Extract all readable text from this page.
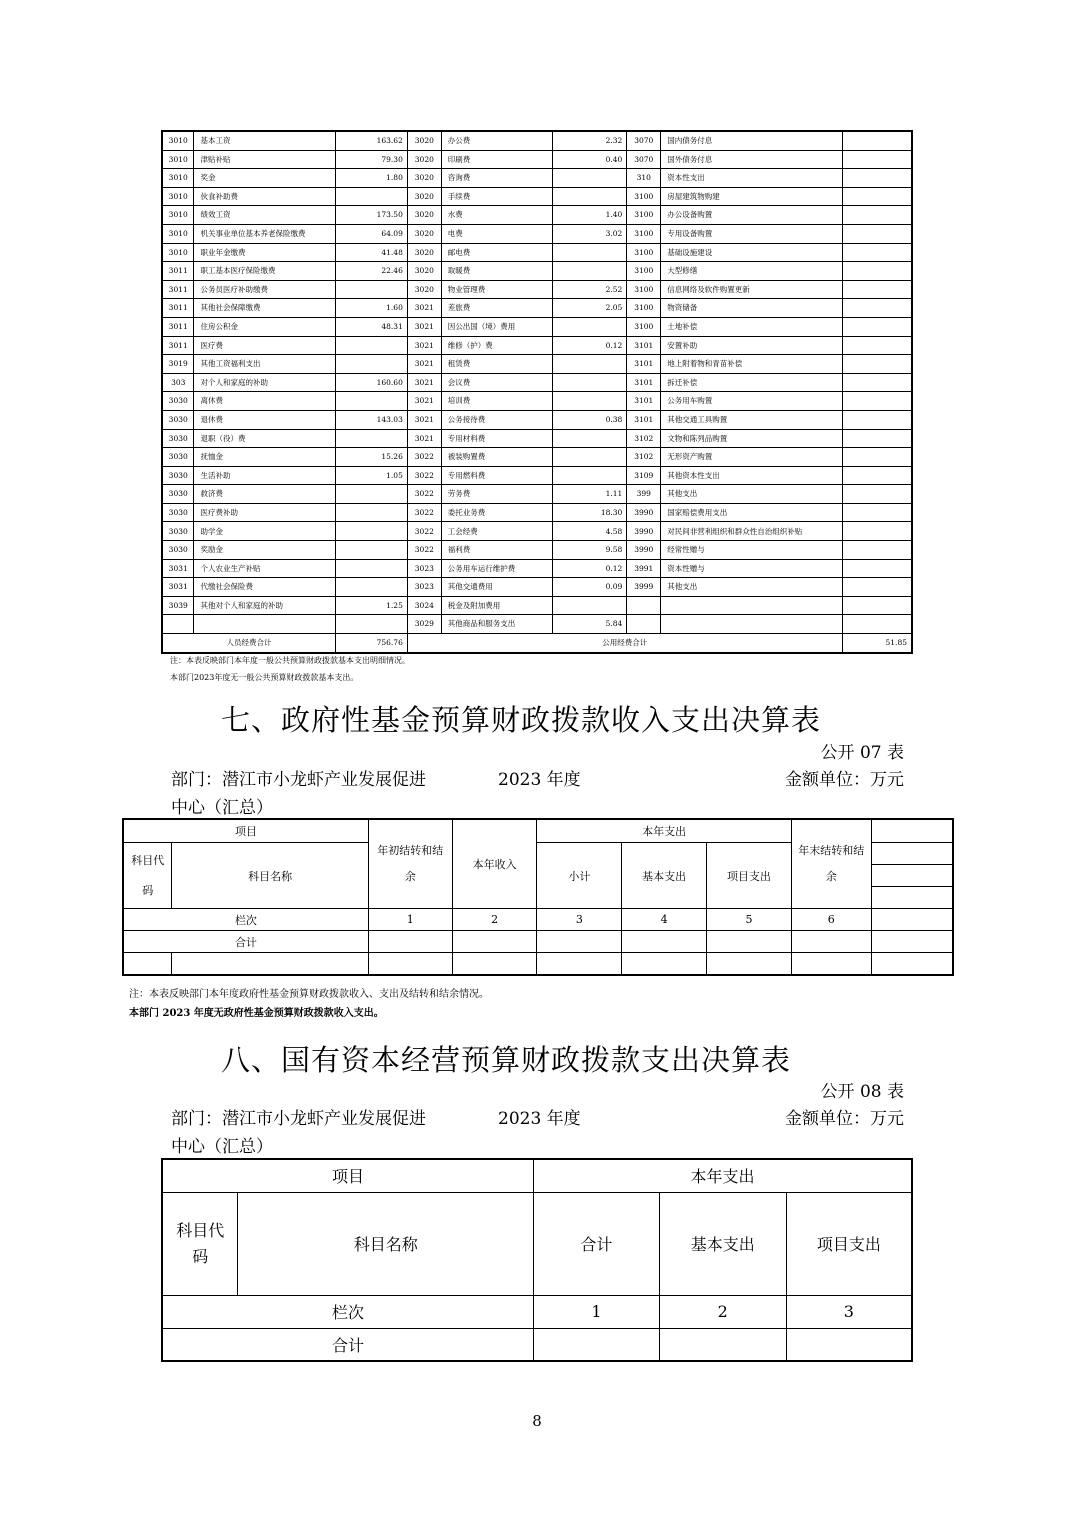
3010	基本工资	163.62	3020	办公费	2.32	3070	国内债务付息	
3010	津贴补贴	79.30	3020	印刷费	0.40	3070	国外债务付息	
3010	奖金	1.80	3020	咨询费		310	资本性支出	
3010	伙食补助费		3020	手续费		3100	房屋建筑物购建	
3010	绩效工资	173.50	3020	水费	1.40	3100	办公设备购置	
3010	机关事业单位基本养老保险缴费	64.09	3020	电费	3.02	3100	专用设备购置	
3010	职业年金缴费	41.48	3020	邮电费		3100	基础设施建设	
3011	职工基本医疗保险缴费	22.46	3020	取暖费		3100	大型修缮	
3011	公务员医疗补助缴费		3020	物业管理费	2.52	3100	信息网络及软件购置更新	
3011	其他社会保障缴费	1.60	3021	差旅费	2.05	3100	物资储备	
3011	住房公积金	48.31	3021	因公出国（境）费用		3100	土地补偿	
3011	医疗费		3021	维修（护）费	0.12	3101	安置补助	
3019	其他工资福利支出		3021	租赁费		3101	地上附着物和青苗补偿	
303	对个人和家庭的补助	160.60	3021	会议费		3101	拆迁补偿	
3030	离休费		3021	培训费		3101	公务用车购置	
3030	退休费	143.03	3021	公务接待费	0.38	3101	其他交通工具购置	
3030	退职（役）费		3021	专用材料费		3102	文物和陈列品购置	
3030	抚恤金	15.26	3022	被装购置费		3102	无形资产购置	
3030	生活补助	1.05	3022	专用燃料费		3109	其他资本性支出	
3030	救济费		3022	劳务费	1.11	399	其他支出	
3030	医疗费补助		3022	委托业务费	18.30	3990	国家赔偿费用支出	
3030	助学金		3022	工会经费	4.58	3990	对民间非营利组织和群众性自治组织补贴	
3030	奖励金		3022	福利费	9.58	3990	经常性赠与	
3031	个人农业生产补贴		3023	公务用车运行维护费	0.12	3991	资本性赠与	
3031	代缴社会保险费		3023	其他交通费用	0.09	3999	其他支出	
3039	其他对个人和家庭的补助	1.25	3024	税金及附加费用				
			3029	其他商品和服务支出	5.84			
人员经费合计		756.76	公用经费合计					51.85
注：本表反映部门本年度一般公共预算财政拨款基本支出明细情况。
本部门2023年度无一般公共预算财政拨款基本支出。
七、政府性基金预算财政拨款收入支出决算表
公开 07 表
部门：潜江市小龙虾产业发展促进
中心（汇总）
2023 年度	金额单位：万元
项目		年初结转和结余	本年收入	本年支出			年末结转和结余	
科目代码	科目名称			小计	基本支出	项目支出		

栏次		1	2	3	4	5	6	
合计								

注：本表反映部门本年度政府性基金预算财政拨款收入、支出及结转和结余情况。
本部门 2023 年度无政府性基金预算财政拨款收入支出。
八、国有资本经营预算财政拨款支出决算表
公开 08 表
部门：潜江市小龙虾产业发展促进
中心（汇总）
2023 年度	金额单位：万元
项目		本年支出		
科目代码	科目名称	合计	基本支出	项目支出
栏次		1	2	3
合计				
8
